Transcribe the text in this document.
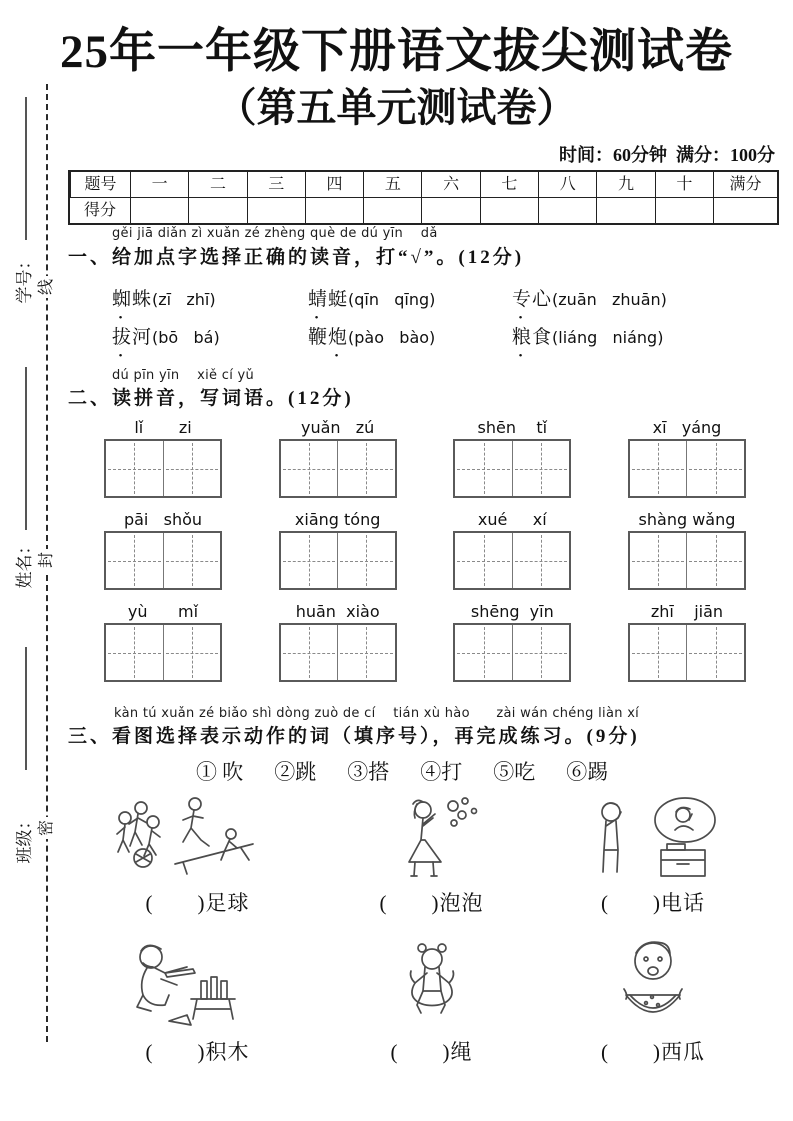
学号：
姓名：
班级：
线
封
密
25年一年级下册语文拔尖测试卷
（第五单元测试卷）
时间：60分钟  满分：100分
题号	一	二	三	四	五	六	七	八	九	十	满分
得分
gěi jiā diǎn zì xuǎn zé zhèng què de dú yīn    dǎ
一、给加点字选择正确的读音，打“√”。(12分)
蜘蛛(zī   zhī)	蜻蜓(qīn   qīng)	专心(zuān   zhuān)
拔河(bō   bá)	鞭炮(pào   bào)	粮食(liáng   niáng)
dú pīn yīn    xiě cí yǔ
二、读拼音，写词语。(12分)
lǐ       zi	yuǎn   zú	shēn    tǐ	xī   yáng
pāi   shǒu	xiāng tóng	xué     xí	shàng wǎng
yù      mǐ	huān  xiào	shēng  yīn	zhī    jiān
kàn tú xuǎn zé biǎo shì dòng zuò de cí    tián xù hào      zài wán chéng liàn xí
三、看图选择表示动作的词（填序号），再完成练习。(9分)
① 吹 ②跳 ③搭 ④打 ⑤吃 ⑥踢
(　　)足球	(　　)泡泡	(　　)电话
(　　)积木	(　　)绳	(　　)西瓜
